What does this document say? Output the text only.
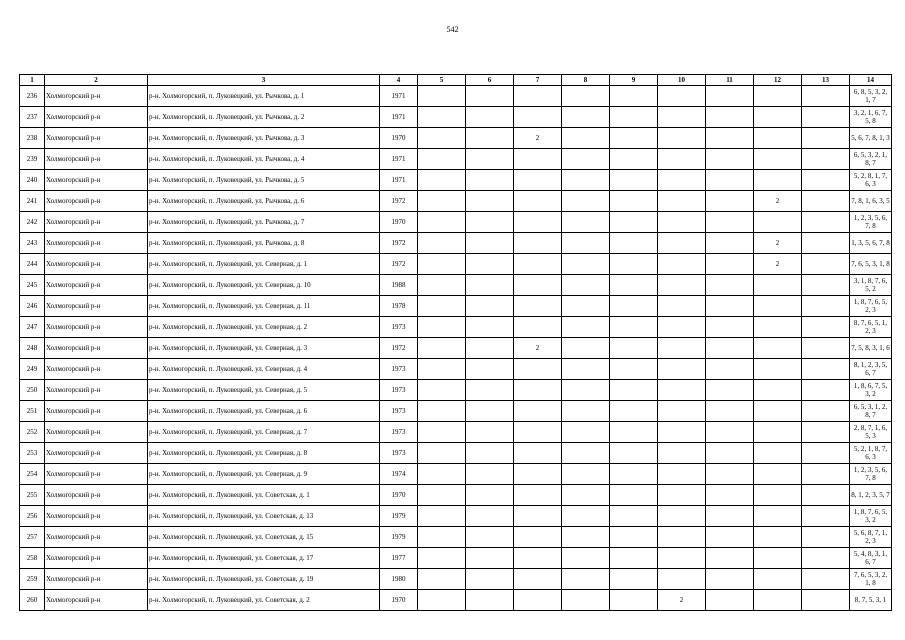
542
1	2	3	4	5	6	7	8	9	10	11	12	13	14
236	Холмогорский р-н	р-н. Холмогорский, п. Луковецкий, ул. Рычкова, д. 1	1971										6, 8, 5, 3, 2, 1, 7
237	Холмогорский р-н	р-н. Холмогорский, п. Луковецкий, ул. Рычкова, д. 2	1971										3, 2, 1, 6, 7, 5, 8
238	Холмогорский р-н	р-н. Холмогорский, п. Луковецкий, ул. Рычкова, д. 3	1970			2							5, 6, 7, 8, 1, 3
239	Холмогорский р-н	р-н. Холмогорский, п. Луковецкий, ул. Рычкова, д. 4	1971										6, 5, 3, 2, 1, 8, 7
240	Холмогорский р-н	р-н. Холмогорский, п. Луковецкий, ул. Рычкова, д. 5	1971										5, 2, 8, 1, 7, 6, 3
241	Холмогорский р-н	р-н. Холмогорский, п. Луковецкий, ул. Рычкова, д. 6	1972								2		7, 8, 1, 6, 3, 5
242	Холмогорский р-н	р-н. Холмогорский, п. Луковецкий, ул. Рычкова, д. 7	1970										1, 2, 3, 5, 6, 7, 8
243	Холмогорский р-н	р-н. Холмогорский, п. Луковецкий, ул. Рычкова, д. 8	1972								2		1, 3, 5, 6, 7, 8
244	Холмогорский р-н	р-н. Холмогорский, п. Луковецкий, ул. Северная, д. 1	1972								2		7, 6, 5, 3, 1, 8
245	Холмогорский р-н	р-н. Холмогорский, п. Луковецкий, ул. Северная, д. 10	1988										3, 1, 8, 7, 6, 5, 2
246	Холмогорский р-н	р-н. Холмогорский, п. Луковецкий, ул. Северная, д. 11	1978										1, 8, 7, 6, 5, 2, 3
247	Холмогорский р-н	р-н. Холмогорский, п. Луковецкий, ул. Северная, д. 2	1973										8, 7, 6, 5, 1, 2, 3
248	Холмогорский р-н	р-н. Холмогорский, п. Луковецкий, ул. Северная, д. 3	1972			2							7, 5, 8, 3, 1, 6
249	Холмогорский р-н	р-н. Холмогорский, п. Луковецкий, ул. Северная, д. 4	1973										8, 1, 2, 3, 5, 6, 7
250	Холмогорский р-н	р-н. Холмогорский, п. Луковецкий, ул. Северная, д. 5	1973										1, 8, 6, 7, 5, 3, 2
251	Холмогорский р-н	р-н. Холмогорский, п. Луковецкий, ул. Северная, д. 6	1973										6, 5, 3, 1, 2, 8, 7
252	Холмогорский р-н	р-н. Холмогорский, п. Луковецкий, ул. Северная, д. 7	1973										2, 8, 7, 1, 6, 5, 3
253	Холмогорский р-н	р-н. Холмогорский, п. Луковецкий, ул. Северная, д. 8	1973										5, 2, 1, 8, 7, 6, 3
254	Холмогорский р-н	р-н. Холмогорский, п. Луковецкий, ул. Северная, д. 9	1974										1, 2, 3, 5, 6, 7, 8
255	Холмогорский р-н	р-н. Холмогорский, п. Луковецкий, ул. Советская, д. 1	1970										8, 1, 2, 3, 5, 7
256	Холмогорский р-н	р-н. Холмогорский, п. Луковецкий, ул. Советская, д. 13	1979										1, 8, 7, 6, 5, 3, 2
257	Холмогорский р-н	р-н. Холмогорский, п. Луковецкий, ул. Советская, д. 15	1979										5, 6, 8, 7, 1, 2, 3
258	Холмогорский р-н	р-н. Холмогорский, п. Луковецкий, ул. Советская, д. 17	1977										5, 4, 8, 3, 1, 6, 7
259	Холмогорский р-н	р-н. Холмогорский, п. Луковецкий, ул. Советская, д. 19	1980										7, 6, 5, 3, 2, 1, 8
260	Холмогорский р-н	р-н. Холмогорский, п. Луковецкий, ул. Советская, д. 2	1970						2				8, 7, 5, 3, 1
